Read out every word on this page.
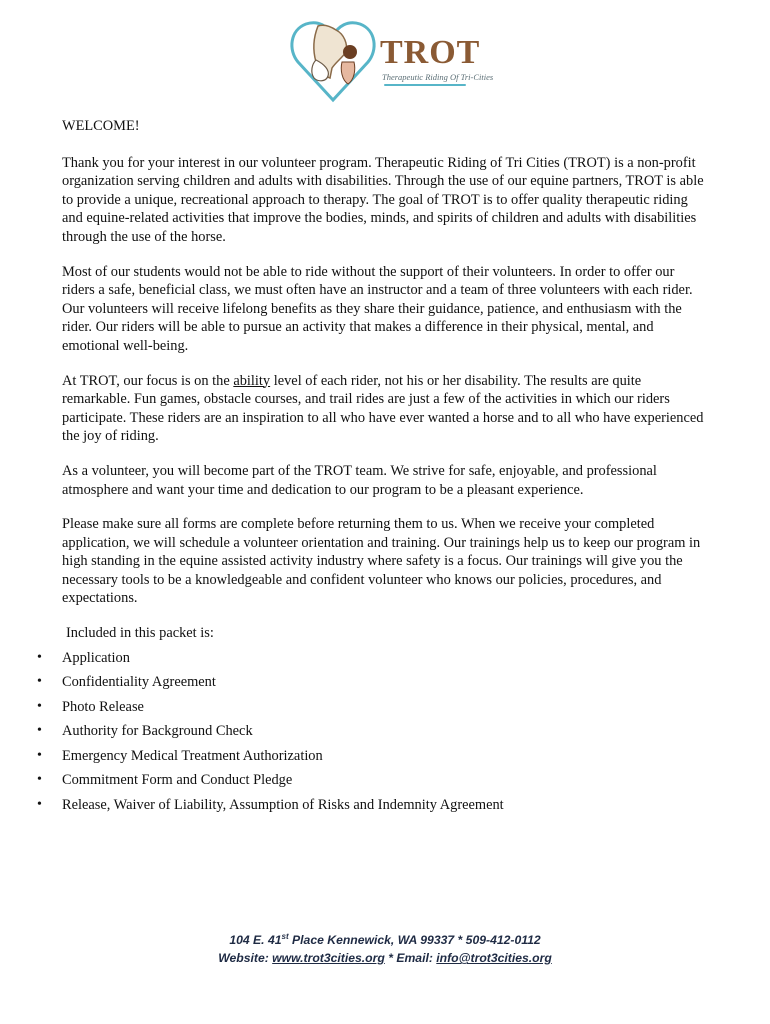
TROT
Therapeutic Riding Of Tri-Cities

WELCOME!

Thank you for your interest in our volunteer program. Therapeutic Riding of Tri Cities (TROT) is a non-profit organization serving children and adults with disabilities. Through the use of our equine partners, TROT is able to provide a unique, recreational approach to therapy. The goal of TROT is to offer quality therapeutic riding and equine-related activities that improve the bodies, minds, and spirits of children and adults with disabilities through the use of the horse.

Most of our students would not be able to ride without the support of their volunteers. In order to offer our riders a safe, beneficial class, we must often have an instructor and a team of three volunteers with each rider. Our volunteers will receive lifelong benefits as they share their guidance, patience, and enthusiasm with the rider. Our riders will be able to pursue an activity that makes a difference in their physical, mental, and emotional well-being.

At TROT, our focus is on the ability level of each rider, not his or her disability. The results are quite remarkable. Fun games, obstacle courses, and trail rides are just a few of the activities in which our riders participate. These riders are an inspiration to all who have ever wanted a horse and to all who have experienced the joy of riding.

As a volunteer, you will become part of the TROT team. We strive for safe, enjoyable, and professional atmosphere and want your time and dedication to our program to be a pleasant experience.

Please make sure all forms are complete before returning them to us. When we receive your completed application, we will schedule a volunteer orientation and training. Our trainings help us to keep our program in high standing in the equine assisted activity industry where safety is a focus. Our trainings will give you the necessary tools to be a knowledgeable and confident volunteer who knows our policies, procedures, and expectations.

Included in this packet is:

• Application
• Confidentiality Agreement
• Photo Release
• Authority for Background Check
• Emergency Medical Treatment Authorization
• Commitment Form and Conduct Pledge
• Release, Waiver of Liability, Assumption of Risks and Indemnity Agreement
104 E. 41st Place Kennewick, WA 99337 * 509-412-0112
Website: www.trot3cities.org * Email: info@trot3cities.org
